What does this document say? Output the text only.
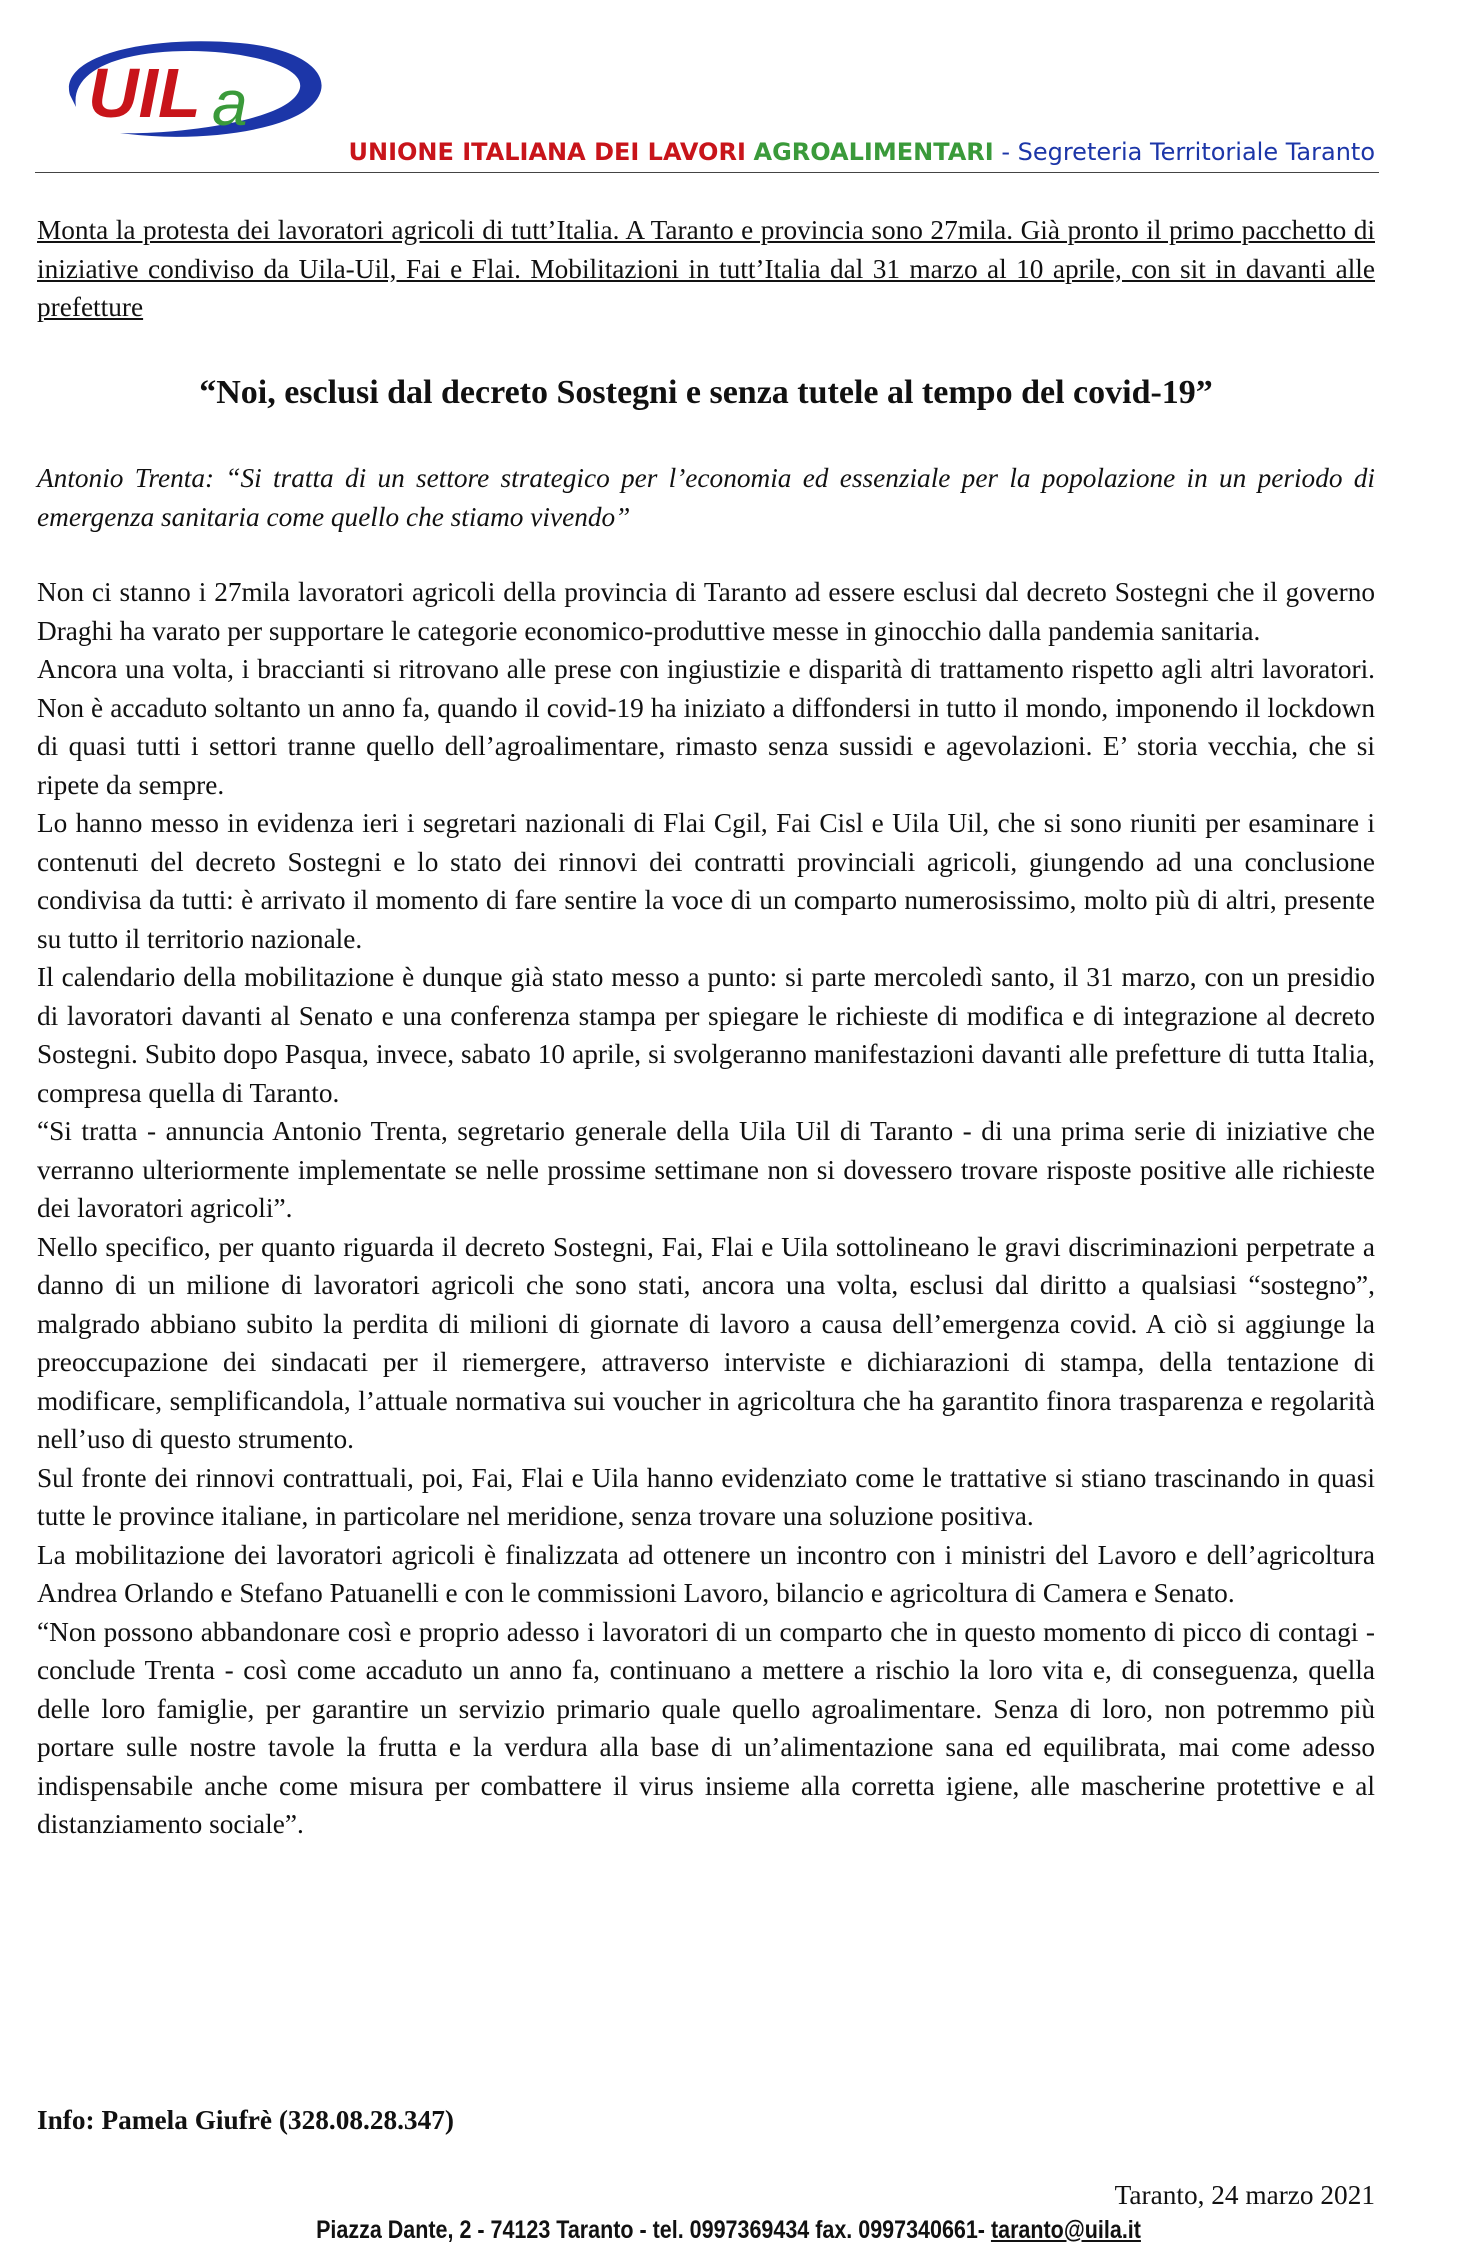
UIL a
UNIONE ITALIANA DEI LAVORI AGROALIMENTARI - Segreteria Territoriale Taranto
Monta la protesta dei lavoratori agricoli di tutt’Italia. A Taranto e provincia sono 27mila. Già pronto il primo pacchetto di iniziative condiviso da Uila-Uil, Fai e Flai. Mobilitazioni in tutt’Italia dal 31 marzo al 10 aprile, con sit in davanti alle prefetture
“Noi, esclusi dal decreto Sostegni e senza tutele al tempo del covid-19”
Antonio Trenta: “Si tratta di un settore strategico per l’economia ed essenziale per la popolazione in un periodo di emergenza sanitaria come quello che stiamo vivendo”

Non ci stanno i 27mila lavoratori agricoli della provincia di Taranto ad essere esclusi dal decreto Sostegni che il governo Draghi ha varato per supportare le categorie economico-produttive messe in ginocchio dalla pandemia sanitaria.

Ancora una volta, i braccianti si ritrovano alle prese con ingiustizie e disparità di trattamento rispetto agli altri lavoratori. Non è accaduto soltanto un anno fa, quando il covid-19 ha iniziato a diffondersi in tutto il mondo, imponendo il lockdown di quasi tutti i settori tranne quello dell’agroalimentare, rimasto senza sussidi e agevolazioni. E’ storia vecchia, che si ripete da sempre.

Lo hanno messo in evidenza ieri i segretari nazionali di Flai Cgil, Fai Cisl e Uila Uil, che si sono riuniti per esaminare i contenuti del decreto Sostegni e lo stato dei rinnovi dei contratti provinciali agricoli, giungendo ad una conclusione condivisa da tutti: è arrivato il momento di fare sentire la voce di un comparto numerosissimo, molto più di altri, presente su tutto il territorio nazionale.

Il calendario della mobilitazione è dunque già stato messo a punto: si parte mercoledì santo, il 31 marzo, con un presidio di lavoratori davanti al Senato e una conferenza stampa per spiegare le richieste di modifica e di integrazione al decreto Sostegni. Subito dopo Pasqua, invece, sabato 10 aprile, si svolgeranno manifestazioni davanti alle prefetture di tutta Italia, compresa quella di Taranto.

“Si tratta - annuncia Antonio Trenta, segretario generale della Uila Uil di Taranto - di una prima serie di iniziative che verranno ulteriormente implementate se nelle prossime settimane non si dovessero trovare risposte positive alle richieste dei lavoratori agricoli”.

Nello specifico, per quanto riguarda il decreto Sostegni, Fai, Flai e Uila sottolineano le gravi discriminazioni perpetrate a danno di un milione di lavoratori agricoli che sono stati, ancora una volta, esclusi dal diritto a qualsiasi “sostegno”, malgrado abbiano subito la perdita di milioni di giornate di lavoro a causa dell’emergenza covid. A ciò si aggiunge la preoccupazione dei sindacati per il riemergere, attraverso interviste e dichiarazioni di stampa, della tentazione di modificare, semplificandola, l’attuale normativa sui voucher in agricoltura che ha garantito finora trasparenza e regolarità nell’uso di questo strumento.

Sul fronte dei rinnovi contrattuali, poi, Fai, Flai e Uila hanno evidenziato come le trattative si stiano trascinando in quasi tutte le province italiane, in particolare nel meridione, senza trovare una soluzione positiva.

La mobilitazione dei lavoratori agricoli è finalizzata ad ottenere un incontro con i ministri del Lavoro e dell’agricoltura Andrea Orlando e Stefano Patuanelli e con le commissioni Lavoro, bilancio e agricoltura di Camera e Senato.

“Non possono abbandonare così e proprio adesso i lavoratori di un comparto che in questo momento di picco di contagi - conclude Trenta - così come accaduto un anno fa, continuano a mettere a rischio la loro vita e, di conseguenza, quella delle loro famiglie, per garantire un servizio primario quale quello agroalimentare. Senza di loro, non potremmo più portare sulle nostre tavole la frutta e la verdura alla base di un’alimentazione sana ed equilibrata, mai come adesso indispensabile anche come misura per combattere il virus insieme alla corretta igiene, alle mascherine protettive e al distanziamento sociale”.

Info: Pamela Giufrè (328.08.28.347)
Taranto, 24 marzo 2021
Piazza Dante, 2 - 74123 Taranto - tel. 0997369434 fax. 0997340661- taranto@uila.it
